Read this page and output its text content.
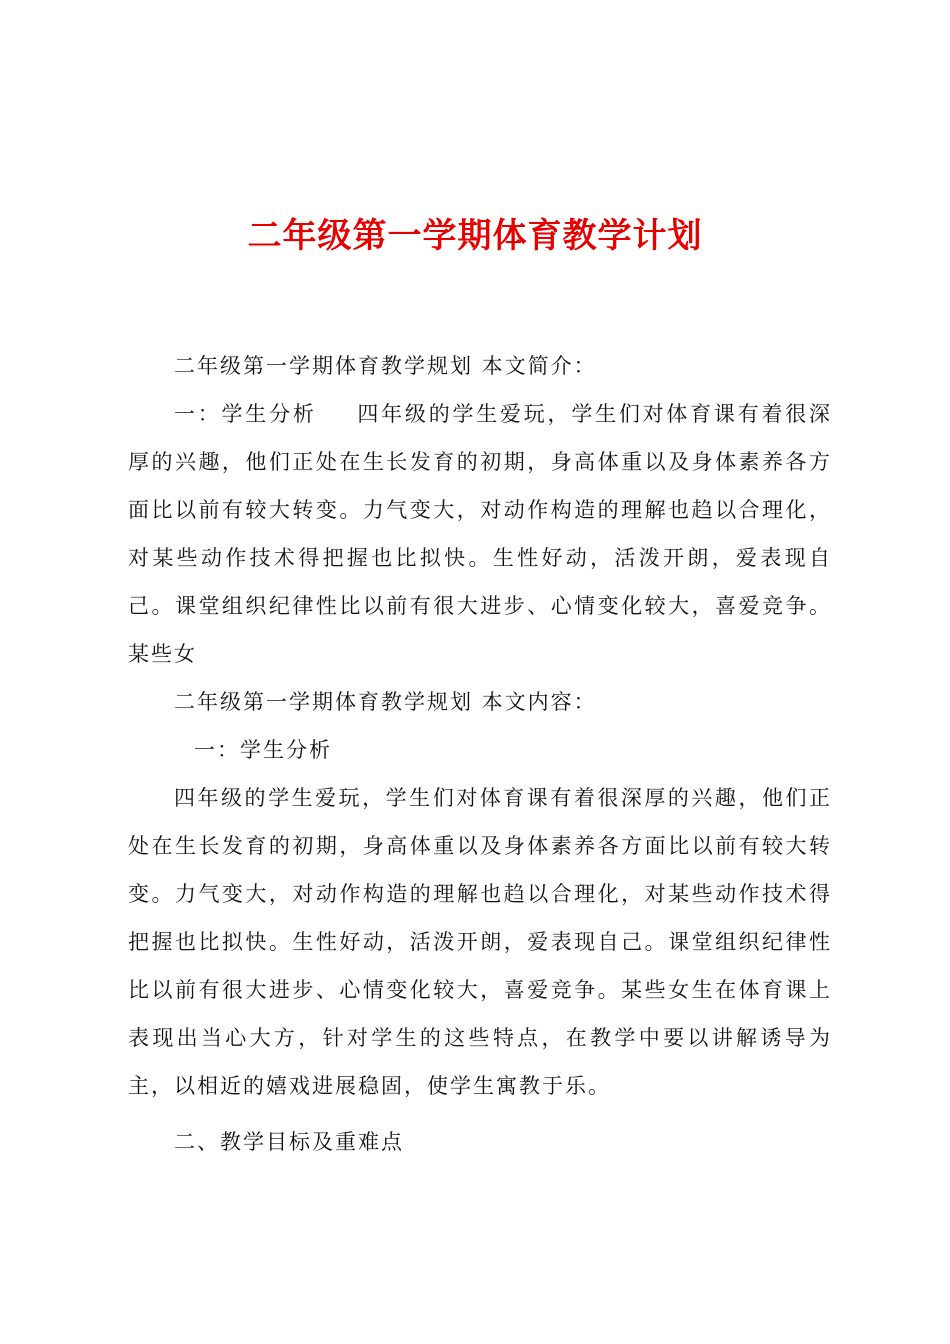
二年级第一学期体育教学计划

二年级第一学期体育教学规划 本文简介：

一：学生分析 四年级的学生爱玩，学生们对体育课有着很深厚的兴趣，他们正处在生长发育的初期，身高体重以及身体素养各方面比以前有较大转变。力气变大，对动作构造的理解也趋以合理化，对某些动作技术得把握也比拟快。生性好动，活泼开朗，爱表现自己。课堂组织纪律性比以前有很大进步、心情变化较大，喜爱竞争。某些女

二年级第一学期体育教学规划 本文内容：

一：学生分析

四年级的学生爱玩，学生们对体育课有着很深厚的兴趣，他们正处在生长发育的初期，身高体重以及身体素养各方面比以前有较大转变。力气变大，对动作构造的理解也趋以合理化，对某些动作技术得把握也比拟快。生性好动，活泼开朗，爱表现自己。课堂组织纪律性比以前有很大进步、心情变化较大，喜爱竞争。某些女生在体育课上表现出当心大方，针对学生的这些特点，在教学中要以讲解诱导为主，以相近的嬉戏进展稳固，使学生寓教于乐。

二、教学目标及重难点
